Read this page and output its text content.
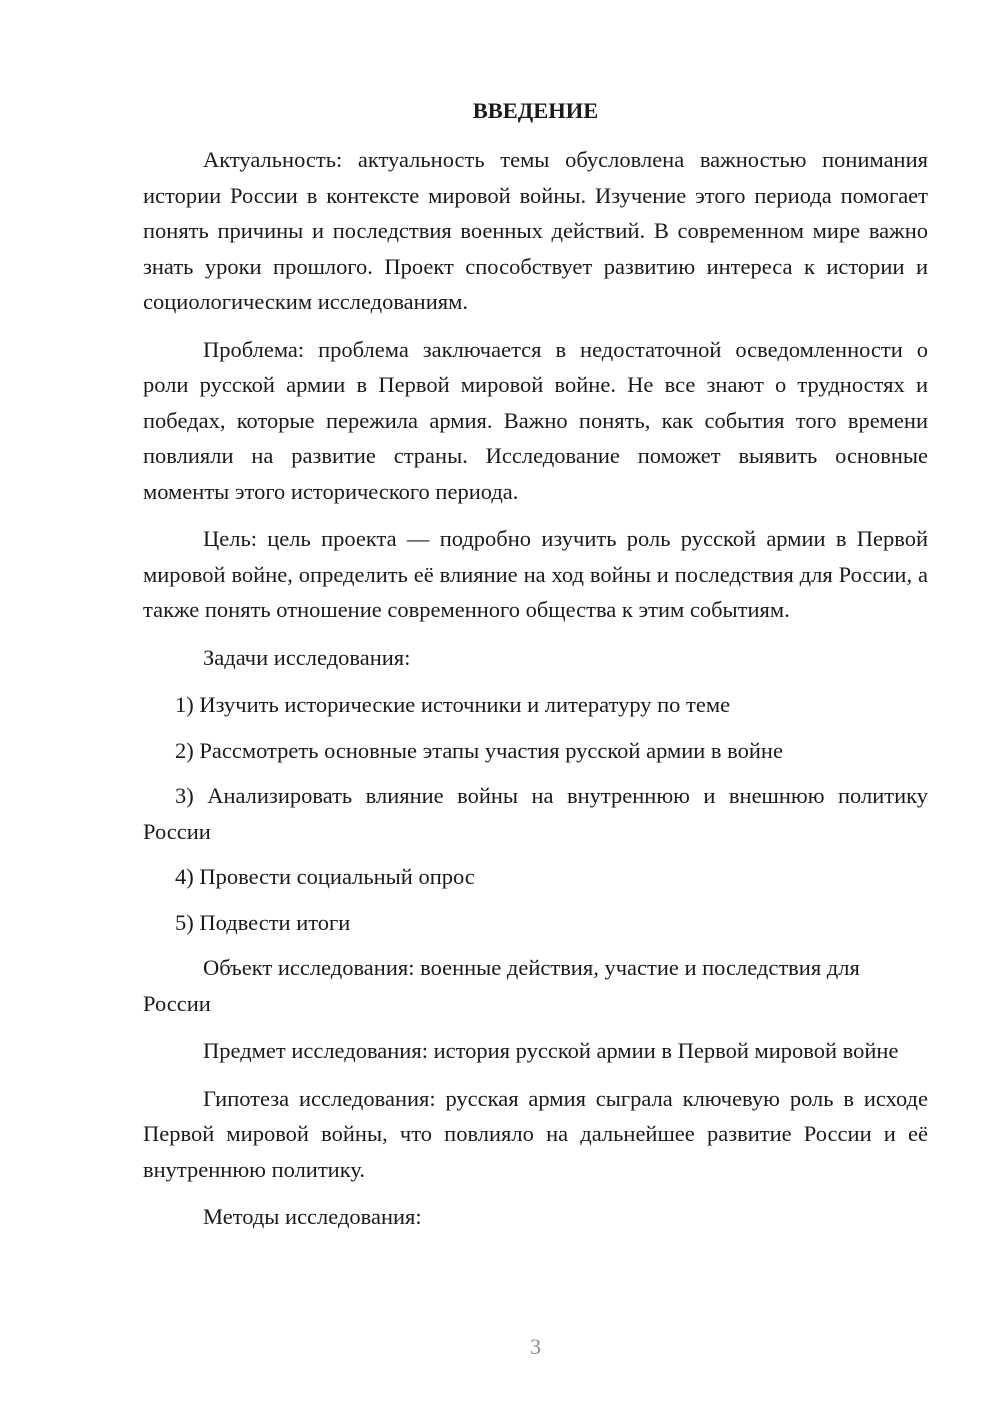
ВВЕДЕНИЕ

Актуальность: актуальность темы обусловлена важностью понимания истории России в контексте мировой войны. Изучение этого периода помогает понять причины и последствия военных действий. В современном мире важно знать уроки прошлого. Проект способствует развитию интереса к истории и социологическим исследованиям.

Проблема: проблема заключается в недостаточной осведомленности о роли русской армии в Первой мировой войне. Не все знают о трудностях и победах, которые пережила армия. Важно понять, как события того времени повлияли на развитие страны. Исследование поможет выявить основные моменты этого исторического периода.

Цель: цель проекта — подробно изучить роль русской армии в Первой мировой войне, определить её влияние на ход войны и последствия для России, а также понять отношение современного общества к этим событиям.

Задачи исследования:

1) Изучить исторические источники и литературу по теме

2) Рассмотреть основные этапы участия русской армии в войне

3) Анализировать влияние войны на внутреннюю и внешнюю политику России

4) Провести социальный опрос

5) Подвести итоги

Объект исследования: военные действия, участие и последствия для России

Предмет исследования: история русской армии в Первой мировой войне

Гипотеза исследования: русская армия сыграла ключевую роль в исходе Первой мировой войны, что повлияло на дальнейшее развитие России и её внутреннюю политику.

Методы исследования:

3
